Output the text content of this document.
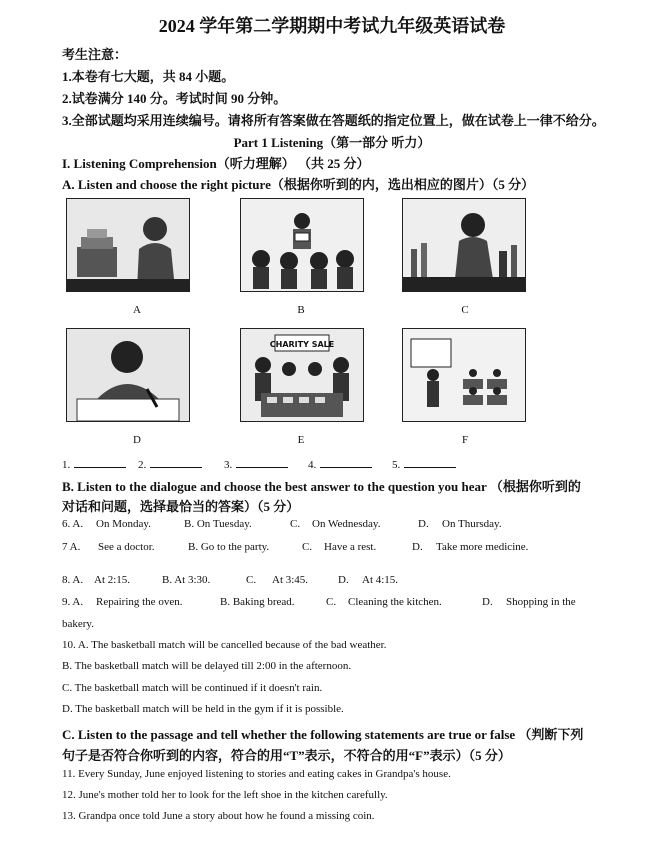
2024 学年第二学期期中考试九年级英语试卷
考生注意：
1.本卷有七大题，共 84 小题。
2.试卷满分 140 分。考试时间 90 分钟。
3.全部试题均采用连续编号。请将所有答案做在答题纸的指定位置上，做在试卷上一律不给分。
Part 1 Listening（第一部分 听力）
I. Listening Comprehension（听力理解） （共 25 分）
A. Listen and choose the right picture（根据你听到的内，选出相应的图片）（5 分）
A	B	C
CHARITY SALE
D	E	F
1.	2.	3.	4.	5.
B. Listen to the dialogue and choose the best answer to the question you hear （根据你听到的
对话和问题，选择最恰当的答案）（5 分）
6. A. On Monday.	B. On Tuesday.	C. On Wednesday.	D. On Thursday.
7 A. See a doctor.	B. Go to the party.	C. Have a rest.	D. Take more medicine.
8. A. At 2:15.	B. At 3:30.	C. At 3:45.	D. At 4:15.
9. A. Repairing the oven.	B. Baking bread.	C. Cleaning the kitchen.	D. Shopping in the
bakery.
10. A. The basketball match will be cancelled because of the bad weather.
B. The basketball match will be delayed till 2:00 in the afternoon.
C. The basketball match will be continued if it doesn't rain.
D. The basketball match will be held in the gym if it is possible.
C. Listen to the passage and tell whether the following statements are true or false （判断下列
句子是否符合你听到的内容，符合的用“T”表示，不符合的用“F”表示）（5 分）
11. Every Sunday, June enjoyed listening to stories and eating cakes in Grandpa's house.
12. June's mother told her to look for the left shoe in the kitchen carefully.
13. Grandpa once told June a story about how he found a missing coin.
